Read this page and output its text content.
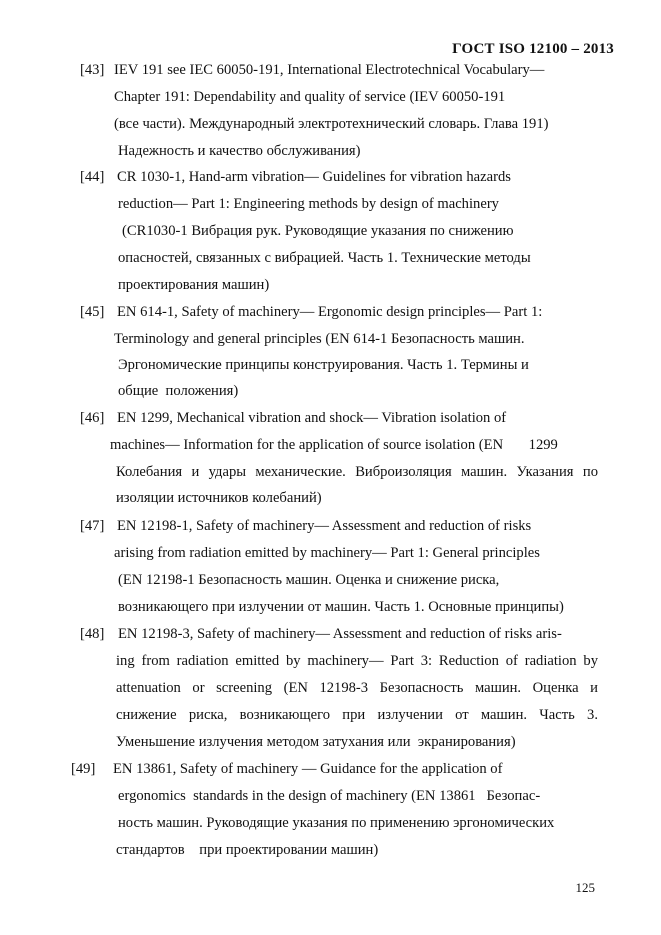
ГОСТ ISO 12100 – 2013
[43] IEV 191 see IEC 60050-191, International Electrotechnical Vocabulary—
Chapter 191: Dependability and quality of service (IEV 60050-191
(все части). Международный электротехнический словарь. Глава 191)
Надежность и качество обслуживания)
[44] CR 1030-1, Hand-arm vibration— Guidelines for vibration hazards
reduction— Part 1: Engineering methods by design of machinery
(CR1030-1 Вибрация рук. Руководящие указания по снижению
опасностей, связанных с вибрацией. Часть 1. Технические методы
проектирования машин)
[45] EN 614-1, Safety of machinery— Ergonomic design principles— Part 1:
Terminology and general principles (EN 614-1 Безопасность машин.
Эргономические принципы конструирования. Часть 1. Термины и
общие  положения)
[46] EN 1299, Mechanical vibration and shock— Vibration isolation of
machines— Information for the application of source isolation (EN       1299
Колебания и удары механические. Виброизоляция машин. Указания по
изоляции источников колебаний)
[47] EN 12198-1, Safety of machinery— Assessment and reduction of risks
arising from radiation emitted by machinery— Part 1: General principles
(EN 12198-1 Безопасность машин. Оценка и снижение риска,
возникающего при излучении от машин. Часть 1. Основные принципы)
[48] EN 12198-3, Safety of machinery— Assessment and reduction of risks aris-
ing from radiation emitted by machinery— Part 3: Reduction of radiation by
attenuation or screening (EN 12198-3 Безопасность машин. Оценка и
снижение риска, возникающего при излучении от машин. Часть 3.
Уменьшение излучения методом затухания или  экранирования)
[49] EN 13861, Safety of machinery — Guidance for the application of
ergonomics  standards in the design of machinery (EN 13861   Безопас-
ность машин. Руководящие указания по применению эргономических
стандартов    при проектировании машин)
125
